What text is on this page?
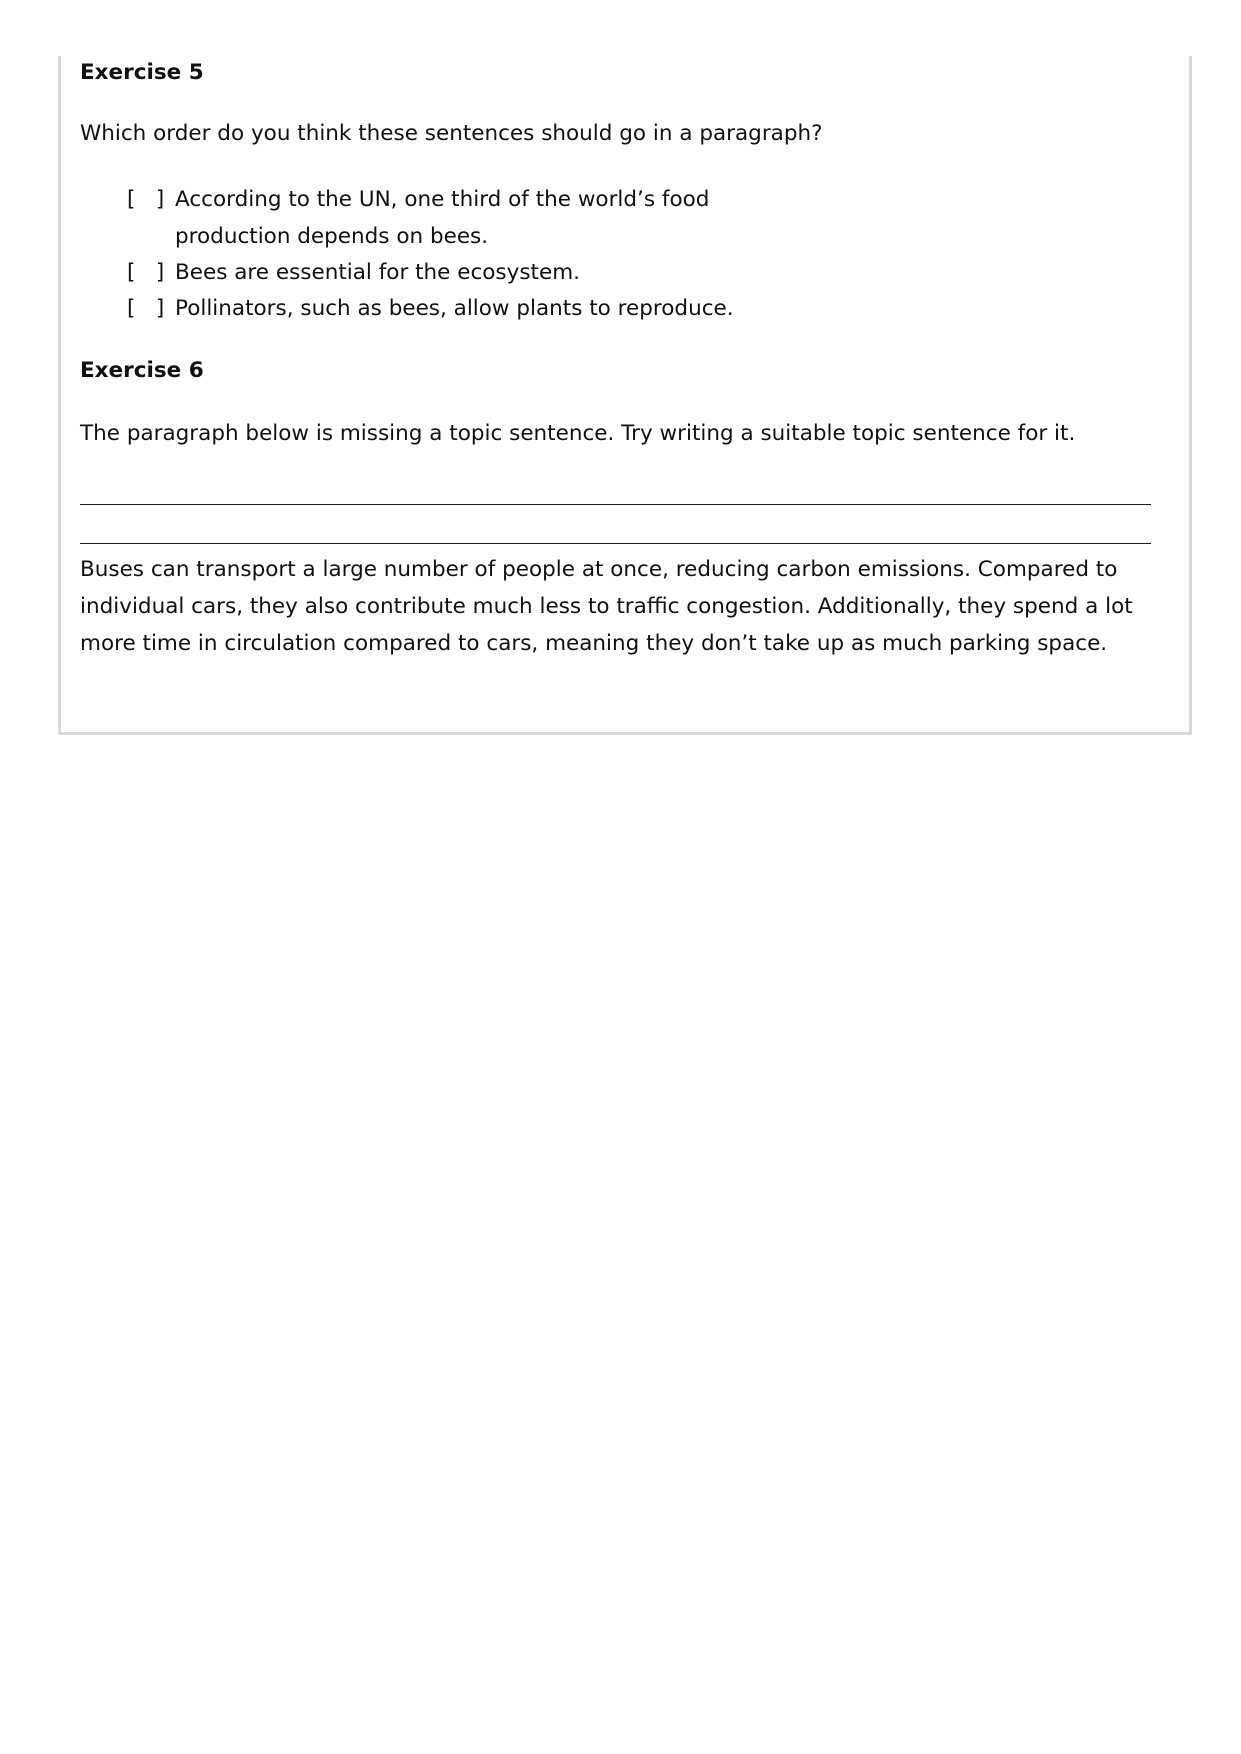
Exercise 5
Which order do you think these sentences should go in a paragraph?
[   ] According to the UN, one third of the world’s food production depends on bees.
[   ] Bees are essential for the ecosystem.
[   ] Pollinators, such as bees, allow plants to reproduce.
Exercise 6
The paragraph below is missing a topic sentence. Try writing a suitable topic sentence for it.
Buses can transport a large number of people at once, reducing carbon emissions. Compared to individual cars, they also contribute much less to traffic congestion. Additionally, they spend a lot more time in circulation compared to cars, meaning they don’t take up as much parking space.
